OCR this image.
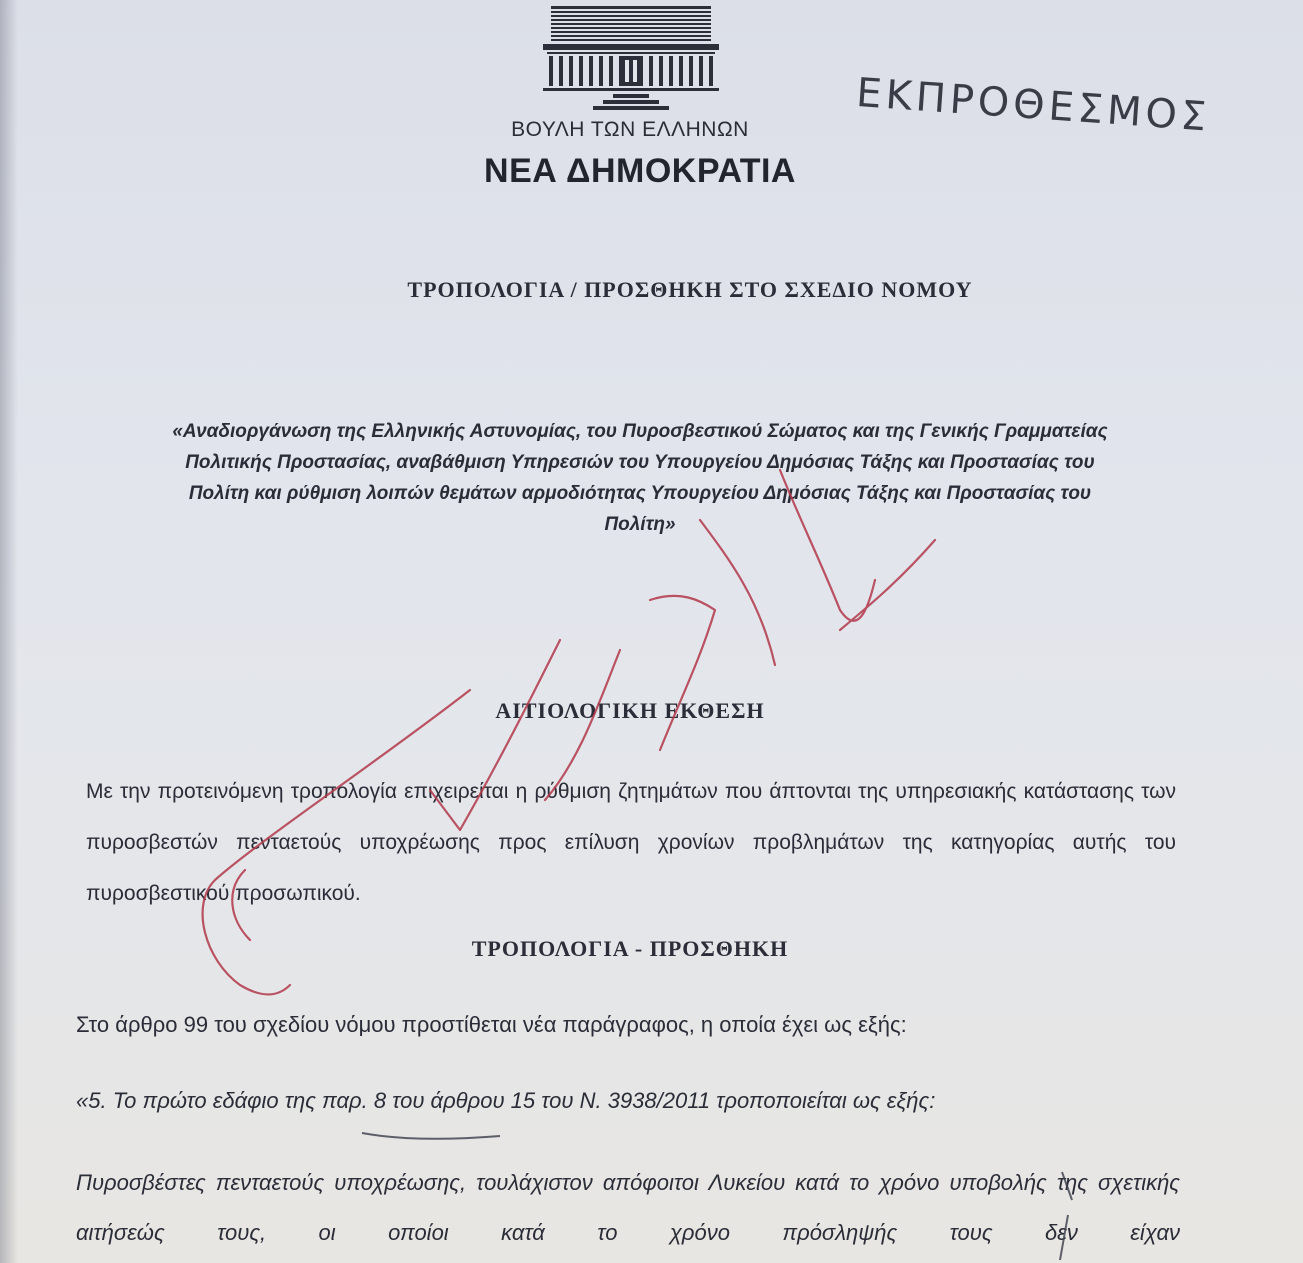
ΒΟΥΛΗ ΤΩΝ ΕΛΛΗΝΩΝ
ΝΕΑ ΔΗΜΟΚΡΑΤΙΑ
ΕΚΠΡΟΘΕΣΜΟΣ
ΤΡΟΠΟΛΟΓΙΑ / ΠΡΟΣΘΗΚΗ ΣΤΟ ΣΧΕΔΙΟ ΝΟΜΟΥ
«Αναδιοργάνωση της Ελληνικής Αστυνομίας, του Πυροσβεστικού Σώματος και της Γενικής Γραμματείας Πολιτικής Προστασίας, αναβάθμιση Υπηρεσιών του Υπουργείου Δημόσιας Τάξης και Προστασίας του Πολίτη και ρύθμιση λοιπών θεμάτων αρμοδιότητας Υπουργείου Δημόσιας Τάξης και Προστασίας του Πολίτη»
ΑΙΤΙΟΛΟΓΙΚΗ ΕΚΘΕΣΗ
Με την προτεινόμενη τροπολογία επιχειρείται η ρύθμιση ζητημάτων που άπτονται της υπηρεσιακής κατάστασης των πυροσβεστών πενταετούς υποχρέωσης προς επίλυση χρονίων προβλημάτων της κατηγορίας αυτής του πυροσβεστικού προσωπικού.
ΤΡΟΠΟΛΟΓΙΑ - ΠΡΟΣΘΗΚΗ
Στο άρθρο 99 του σχεδίου νόμου προστίθεται νέα παράγραφος, η οποία έχει ως εξής:
«5. Το πρώτο εδάφιο της παρ. 8 του άρθρου 15 του Ν. 3938/2011 τροποποιείται ως εξής:
Πυροσβέστες πενταετούς υποχρέωσης, τουλάχιστον απόφοιτοι Λυκείου κατά το χρόνο υποβολής της σχετικής αιτήσεώς τους, οι οποίοι κατά το χρόνο πρόσληψής τους δεν είχαν
